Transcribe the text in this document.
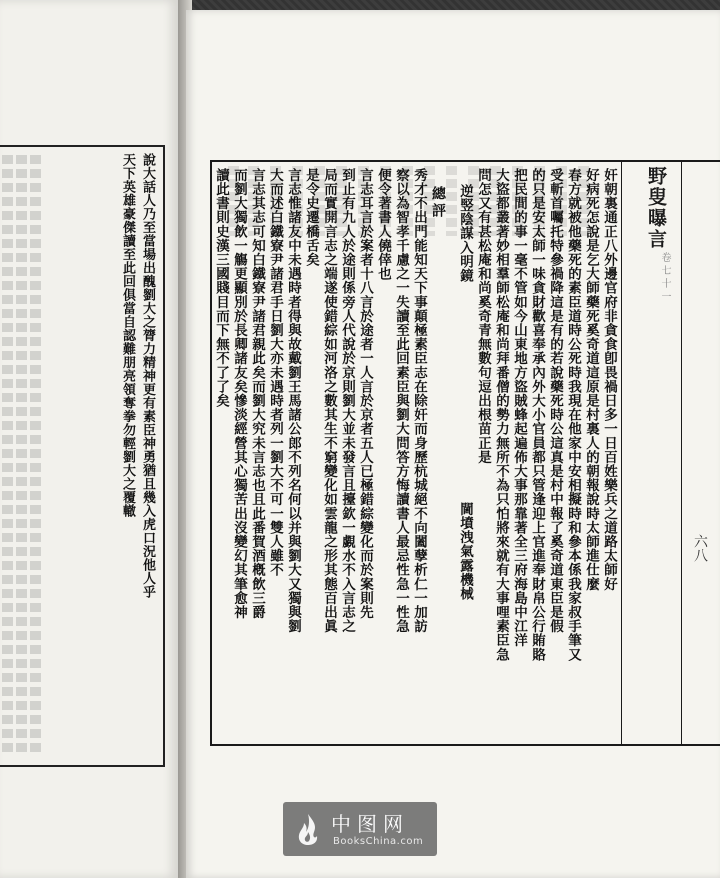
說大話人乃至當場出醜劉大之膂力精神更有素臣神勇猶且幾入虎口況他人乎
天下英雄豪傑讀至此回俱當自認難朋亮領奪拳勿輕劉大之覆轍	野叟曝言
卷七十一
六八
奸朝裏通正八外邊官府非貪食卽畏禍日多一日百姓樂兵之道路太師好
好病死怎說是乞大師藥死奚奇道這原是村裏人的朝報說時太師進仕麼
春方就被他藥死的素臣道時公死時我現在他家中安相擬時和參本係我家叔手筆又
受斬首囑托特參禍降這是有的若說藥死時公這真是村中報了奚奇道東臣是假
的只是安太師一味貪財歡喜奉承內外大小官員都只管逢迎上官進奉財帛公行賄賂
把民間的事一毫不管如今山東地方盜賊蜂起遍佈大事那靠著全三府海島中江洋
大盜都叢著妙相羣師松庵和尚拜番僧的勢力無所不為只怕將來就有大事哩素臣急
問怎又有甚松庵和尚奚奇青無數句逗出根苗正是
逆竪陰謀入明鏡
閫墳洩氣露機械
總評
秀才不出門能知天下事顛極素臣志在除奸而身歷杭城絕不向闔孽析仁一加訪
察以為智孝千慮之一失讀至此回素臣與劉大問答方悔讀書人最忌性急一性急
便令著書人僥倖也
言志耳言於案者十八言於途者一人言於京者五人已極錯綜變化而於案則先
到止有九人於途則係旁人代說於京則劉大並未發言且擡欽一覷水不入言志之
局而實開言志之端遂使錯綜如河洛之數其生不窮變化如雲龍之形其態百出眞
是令史遷橋舌矣
言志惟諸友中未遇時者得與故戴劉王馬諸公郎不列名何以并與劉大又獨與劉
大而述白鐵寮尹諸君手日劉大亦未遇時者列一劉大不可一雙人雖不
言志其志可知白鐵寮尹諸君親此矣而劉大究未言志也且此番賀酒槪飲三爵
而劉大獨飲一觴更顯別於長卿諸友矣慘淡經營其心獨苦出沒變幻其筆愈神
讀此書則史漢三國賤目而下無不了了矣
中图网
BooksChina.com
